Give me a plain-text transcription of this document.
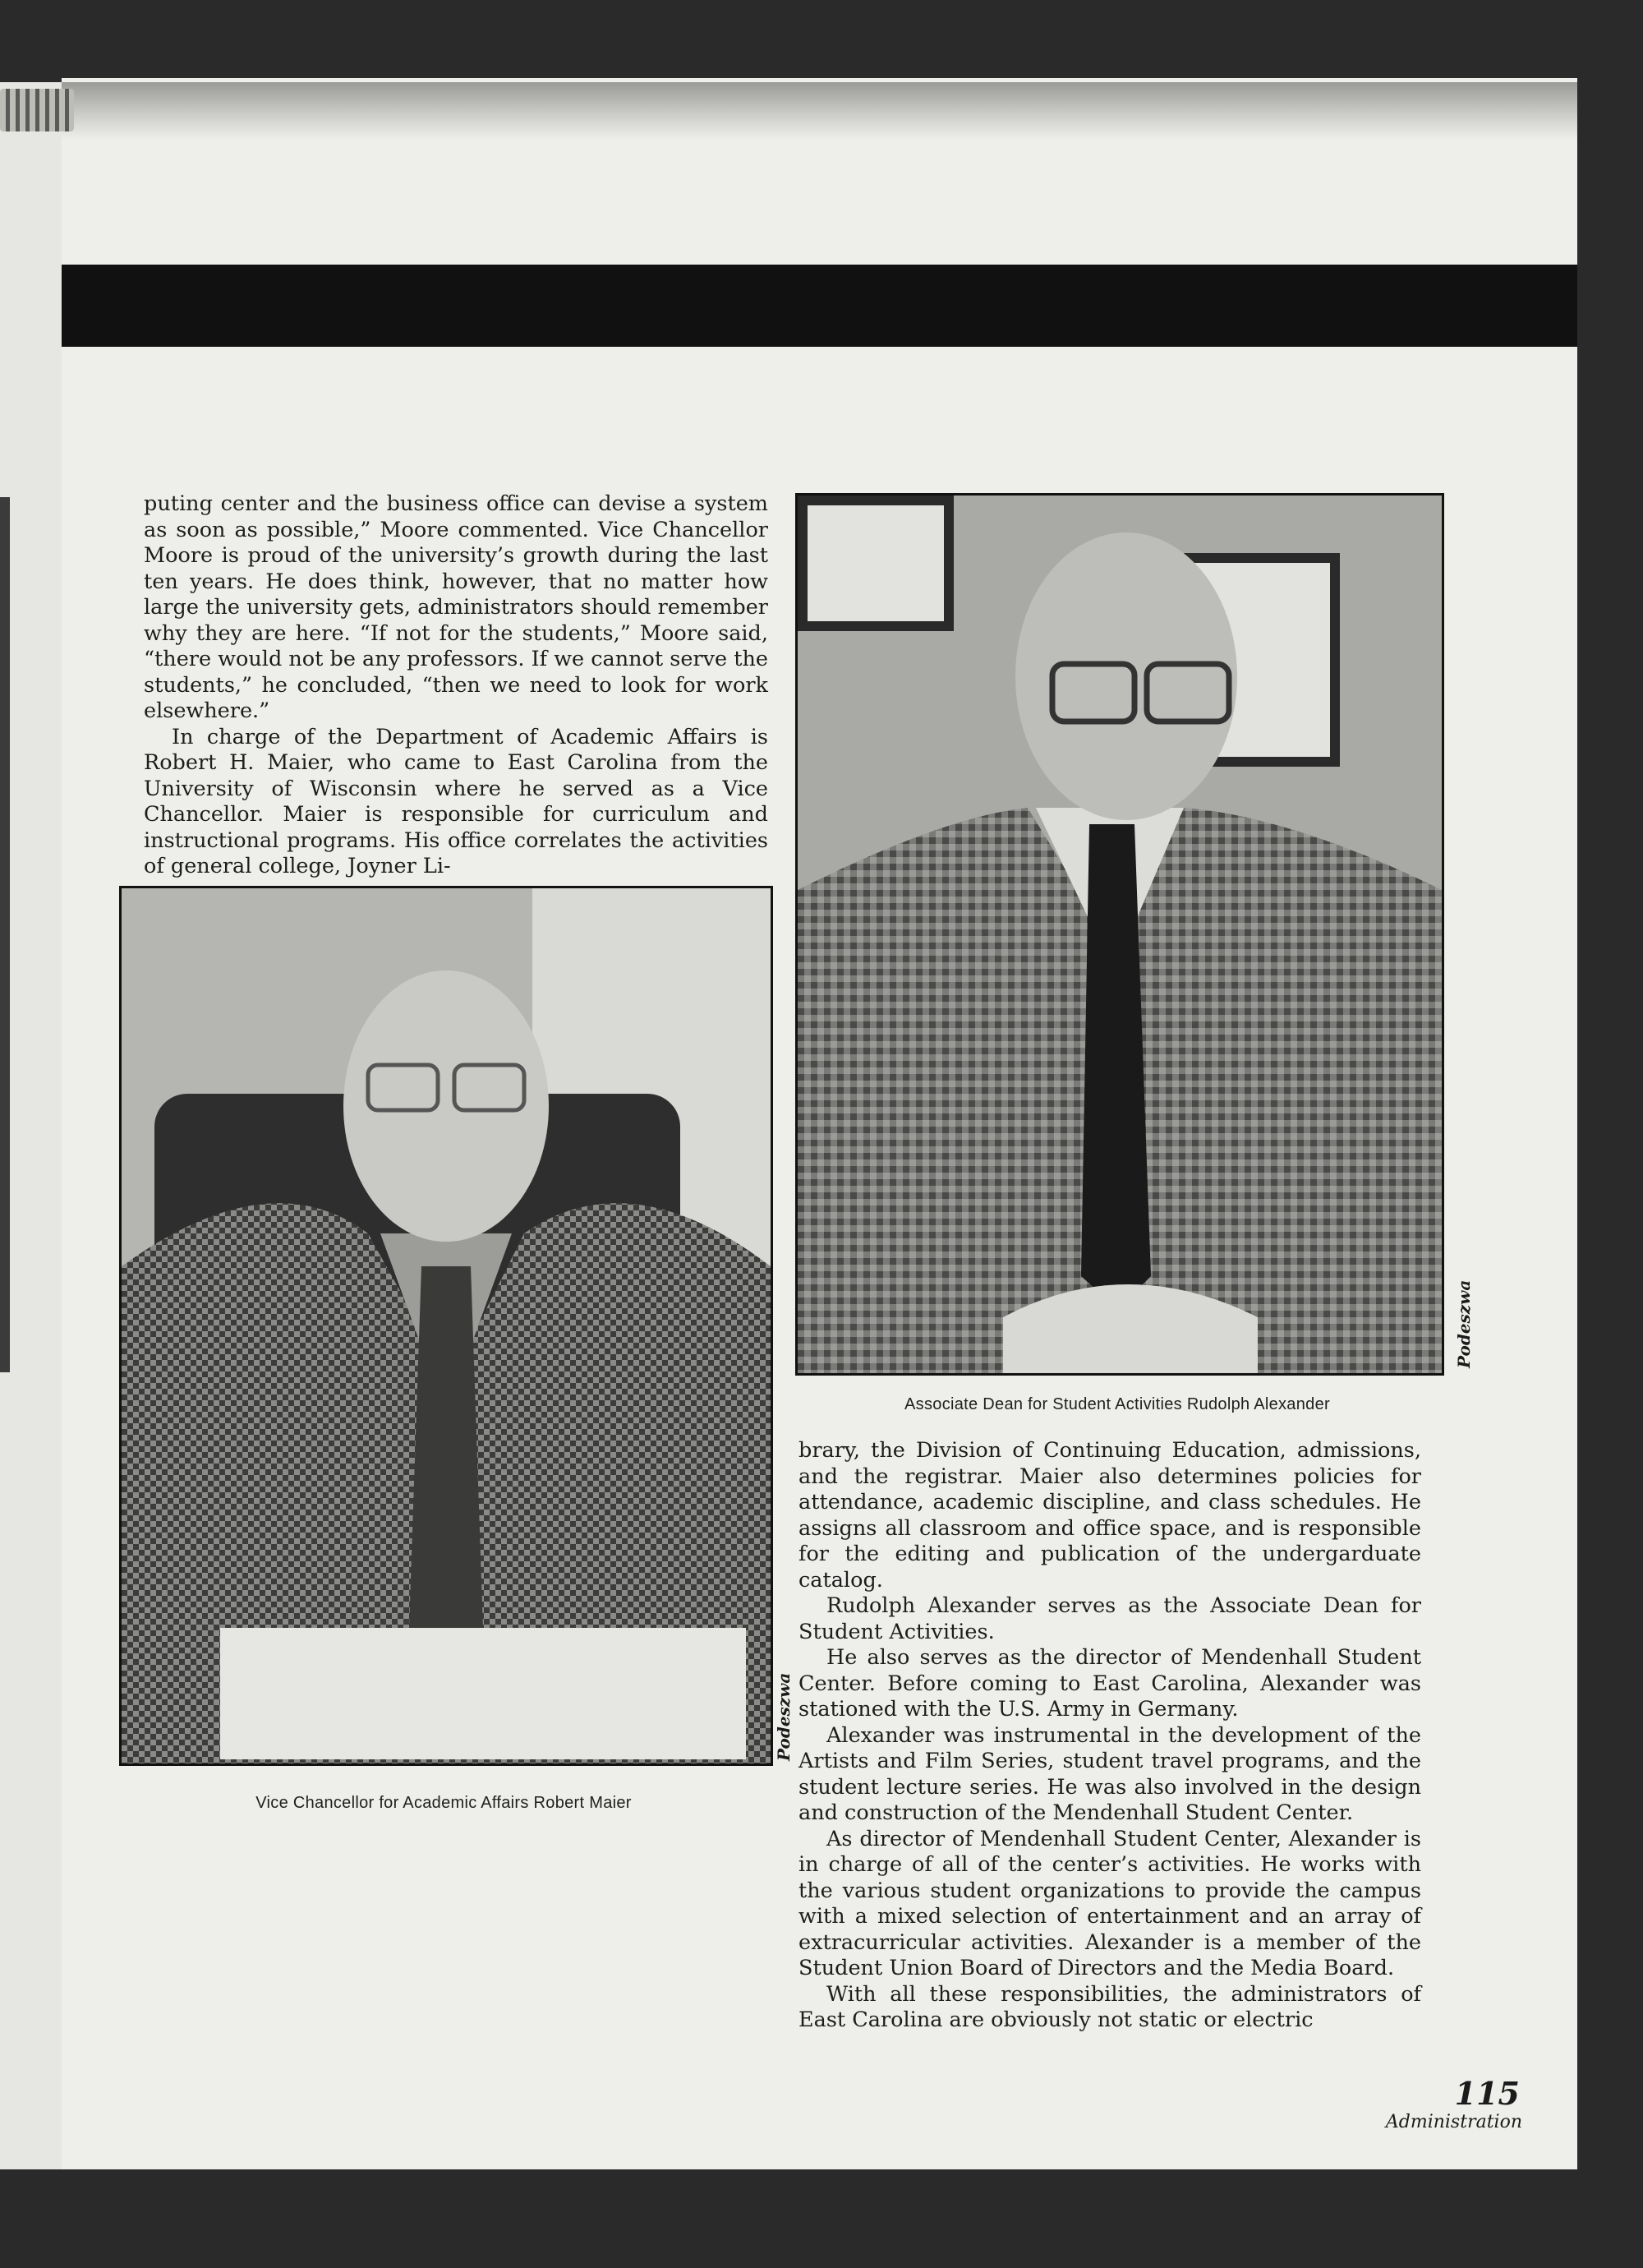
puting center and the business office can devise a system as soon as possible,” Moore commented. Vice Chancellor Moore is proud of the university’s growth during the last ten years. He does think, however, that no matter how large the university gets, administrators should remember why they are here. “If not for the students,” Moore said, “there would not be any professors. If we cannot serve the students,” he concluded, “then we need to look for work elsewhere.”

In charge of the Department of Academic Affairs is Robert H. Maier, who came to East Carolina from the University of Wisconsin where he served as a Vice Chancellor. Maier is responsible for curriculum and instructional programs. His office correlates the activities of general college, Joyner Li-

Vice Chancellor for Academic Affairs Robert Maier
Podeszwa
Associate Dean for Student Activities Rudolph Alexander
Podeszwa

brary, the Division of Continuing Education, admissions, and the registrar. Maier also determines policies for attendance, academic discipline, and class schedules. He assigns all classroom and office space, and is responsible for the editing and publication of the undergarduate catalog.

Rudolph Alexander serves as the Associate Dean for Student Activities.

He also serves as the director of Mendenhall Student Center. Before coming to East Carolina, Alexander was stationed with the U.S. Army in Germany.

Alexander was instrumental in the development of the Artists and Film Series, student travel programs, and the student lecture series. He was also involved in the design and construction of the Mendenhall Student Center.

As director of Mendenhall Student Center, Alexander is in charge of all of the center’s activities. He works with the various student organizations to provide the campus with a mixed selection of entertainment and an array of extracurricular activities. Alexander is a member of the Student Union Board of Directors and the Media Board.

With all these responsibilities, the administrators of East Carolina are obviously not static or electric

115
Administration
